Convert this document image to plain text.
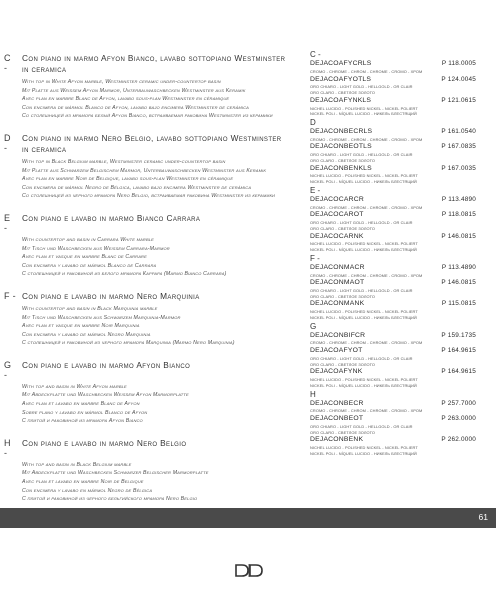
C -
Con piano in marmo Afyon Bianco, lavabo sottopiano Westminster
in ceramica
With top in White Afyon marble, Westminster ceramic under-countertop basin
Mit Platte aus Weissem Afyon Marmor, Unterbauwaschbecken Westminster aus Keramik
Avec plan en marbre Blanc de Afyon, lavabo sous-plan Westminster en céramique
Con encimera de mármol Blanco de Afyon, lavabo bajo encimera Westminster de cerámica
Со столешницей из мрамора белый Afyon Bianco, встраиваемая раковина Westminster из керамики
D -
Con piano in marmo Nero Belgio, lavabo sottopiano Westminster
in ceramica
With top in Black Belgium marble, Westminster ceramic under-countertop basin
Mit Platte aus Schwarzem Belgischem Marmor, Unterbauwaschbecken Westminster aus Keramik
Avec plan en marbre Noir de Belgique, lavabo sous-plan Westminster en céramique
Con encimera de mármol Negro de Bélgica, lavabo bajo encimera Westminster de cerámica
Со столешницей из черного мрамора Nero Belgio, встраиваемая раковина Westminster из керамики
E -
Con piano e lavabo in marmo Bianco Carrara
With countertop and basin in Carrara White marble
Mit Tisch und Waschbecken aus Weissem Carrara-Marmor
Avec plan et vasque en marbre Blanc de Carrare
Con encimera y lavabo de mármol Blanco de Carrara
С столешницей и раковиной из белого мрамора Каррара (Marmo Bianco Carrara)
F - Con piano e lavabo in marmo Nero Marquinia
With countertop and basin in Black Marquinia marble
Mit Tisch und Waschbecken aus Schwarzem Marquinia-Marmor
Avec plan et vasque en marbre Noir Marquinia
Con encimera y lavabo de mármol Negro Marquinia
С столешницей и раковиной из черного мрамора Marquinia (Marmo Nero Marquinia)
G -
Con piano e lavabo in marmo Afyon Bianco
With top and basin in White Afyon marble
Mit Abdeckplatte und Waschbecken Weissem Afyon Marmorplatte
Avec plan et lavabo en marbre Blanc de Afyon
Sobre plano y lavabo en mármol Blanco de Afyon
С плитой и раковиной из мрамора Afyon Bianco
H -
Con piano e lavabo in marmo Nero Belgio
With top and basin in Black Belgium marble
Mit Abdeckplatte und Waschbecken Schwarzer Belgischer Marmorplatte
Avec plan et lavabo en marbre Noir de Belgique
Con encimera y lavabo en mármol Negro de Bélgica
С плитой и раковиной из черного бельгийского мрамора Nero Belgio
C -
DEJACOAFYCRLS	P 118.0005
CROMO - CHROME - CHROM - CHROME - CROMO - ХРОМ
DEJACOAFYOTLS	P 124.0045
ORO CHIARO - LIGHT GOLD - HELLGOLD - OR CLAIR
ORO CLARO - СВЕТЛОЕ ЗОЛОТО
DEJACOAFYNKLS	P 121.0615
NICHEL LUCIDO - POLISHED NICKEL - NICKEL POLIERT
NICKEL POLI - NÍQUEL LUCIDO - НИКЕЛЬ БЛЕСТЯЩИЙ
D
DEJACONBECRLS	P 161.0540
CROMO - CHROME - CHROM - CHROME - CROMO - ХРОМ
DEJACONBEOTLS	P 167.0835
ORO CHIARO - LIGHT GOLD - HELLGOLD - OR CLAIR
ORO CLARO - СВЕТЛОЕ ЗОЛОТО
DEJACONBENKLS	P 167.0035
NICHEL LUCIDO - POLISHED NICKEL - NICKEL POLIERT
NICKEL POLI - NÍQUEL LUCIDO - НИКЕЛЬ БЛЕСТЯЩИЙ
E -
DEJACOCARCR	P 113.4890
CROMO - CHROME - CHROM - CHROME - CROMO - ХРОМ
DEJACOCAROT	P 118.0815
ORO CHIARO - LIGHT GOLD - HELLGOLD - OR CLAIR
ORO CLARO - СВЕТЛОЕ ЗОЛОТО
DEJACOCARNK	P 146.0815
NICHEL LUCIDO - POLISHED NICKEL - NICKEL POLIERT
NICKEL POLI - NÍQUEL LUCIDO - НИКЕЛЬ БЛЕСТЯЩИЙ
F -
DEJACONMACR	P 113.4890
CROMO - CHROME - CHROM - CHROME - CROMO - ХРОМ
DEJACONMAOT	P 146.0815
ORO CHIARO - LIGHT GOLD - HELLGOLD - OR CLAIR
ORO CLARO - СВЕТЛОЕ ЗОЛОТО
DEJACONMANK	P 115.0815
NICHEL LUCIDO - POLISHED NICKEL - NICKEL POLIERT
NICKEL POLI - NÍQUEL LUCIDO - НИКЕЛЬ БЛЕСТЯЩИЙ
G
DEJACONBIFCR	P 159.1735
CROMO - CHROME - CHROM - CHROME - CROMO - ХРОМ
DEJACOAFYOT	P 164.9615
ORO CHIARO - LIGHT GOLD - HELLGOLD - OR CLAIR
ORO CLARO - СВЕТЛОЕ ЗОЛОТО
DEJACOAFYNK	P 164.9615
NICHEL LUCIDO - POLISHED NICKEL - NICKEL POLIERT
NICKEL POLI - NÍQUEL LUCIDO - НИКЕЛЬ БЛЕСТЯЩИЙ
H
DEJACONBECR	P 257.7000
CROMO - CHROME - CHROM - CHROME - CROMO - ХРОМ
DEJACONBEOT	P 263.0000
ORO CHIARO - LIGHT GOLD - HELLGOLD - OR CLAIR
ORO CLARO - СВЕТЛОЕ ЗОЛОТО
DEJACONBENK	P 262.0000
NICHEL LUCIDO - POLISHED NICKEL - NICKEL POLIERT
NICKEL POLI - NÍQUEL LUCIDO - НИКЕЛЬ БЛЕСТЯЩИЙ
61
